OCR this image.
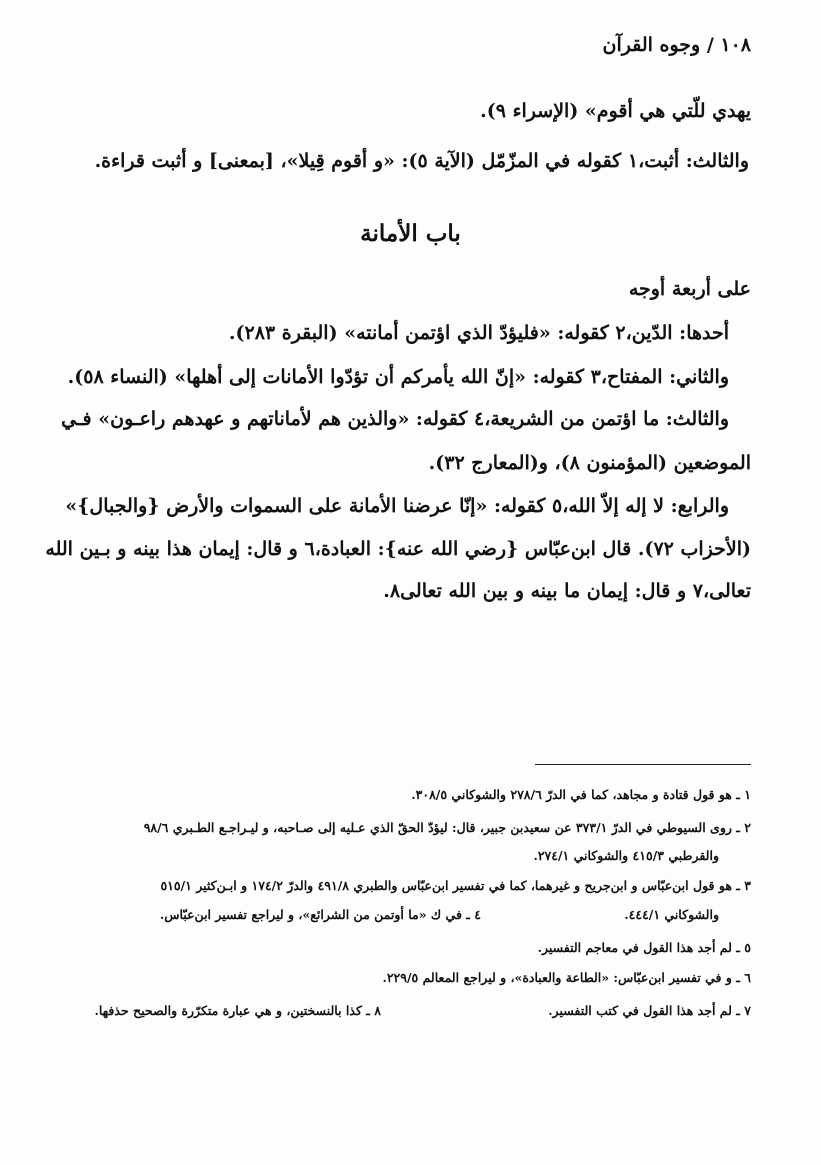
١٠٨ / وجوه القرآن
يهدي للّتي هي أقوم» (الإسراء ٩).
والثالث: أثبت،١ كقوله في المزّمّل (الآية ٥): «و أقوم قِيلا»، [بمعنى] و أثبت قراءة.
باب الأمانة
على أربعة أوجه
أحدها: الدّين،٢ كقوله: «فليؤدّ الذي اؤتمن أمانته» (البقرة ٢٨٣).
والثاني: المفتاح،٣ كقوله: «إنّ الله يأمركم أن تؤدّوا الأمانات إلى أهلها» (النساء ٥٨).
والثالث: ما اؤتمن من الشريعة،٤ كقوله: «والذين هم لأماناتهم و عهدهم راعـون» فـي
الموضعين (المؤمنون ٨)، و(المعارج ٣٢).
والرابع: لا إله إلاّ الله،٥ كقوله: «إنّا عرضنا الأمانة على السموات والأرض {والجبال}»
(الأحزاب ٧٢). قال ابن‌عبّاس {رضي الله عنه}: العبادة،٦ و قال: إيمان هذا بينه و بـين الله
تعالى،٧ و قال: إيمان ما بينه و بين الله تعالى٨.
١ ـ هو قول قتادة و مجاهد، كما في الدرّ ٢٧٨/٦ والشوكاني ٣٠٨/٥.
٢ ـ روى السيوطي في الدرّ ٣٧٣/١ عن سعيدبن جبير، قال: ليؤدّ الحقّ الذي عـليه إلى صـاحبه، و ليـراجـع الطـبري ٩٨/٦
والقرطبي ٤١٥/٣ والشوكاني ٢٧٤/١.
٣ ـ هو قول ابن‌عبّاس و ابن‌جريح و غيرهما، كما في تفسير ابن‌عبّاس والطبري ٤٩١/٨ والدرّ ١٧٤/٢ و ابـن‌كثير ٥١٥/١
والشوكاني ٤٤٤/١.
٤ ـ في ك «ما أوتمن من الشرائع»، و ليراجع تفسير ابن‌عبّاس.
٥ ـ لم أجد هذا القول في معاجم التفسير.
٦ ـ و في تفسير ابن‌عبّاس: «الطاعة والعبادة»، و ليراجع المعالم ٢٢٩/٥.
٧ ـ لم أجد هذا القول في كتب التفسير.
٨ ـ كذا بالنسختين، و هي عبارة متكرّرة والصحيح حذفها.
